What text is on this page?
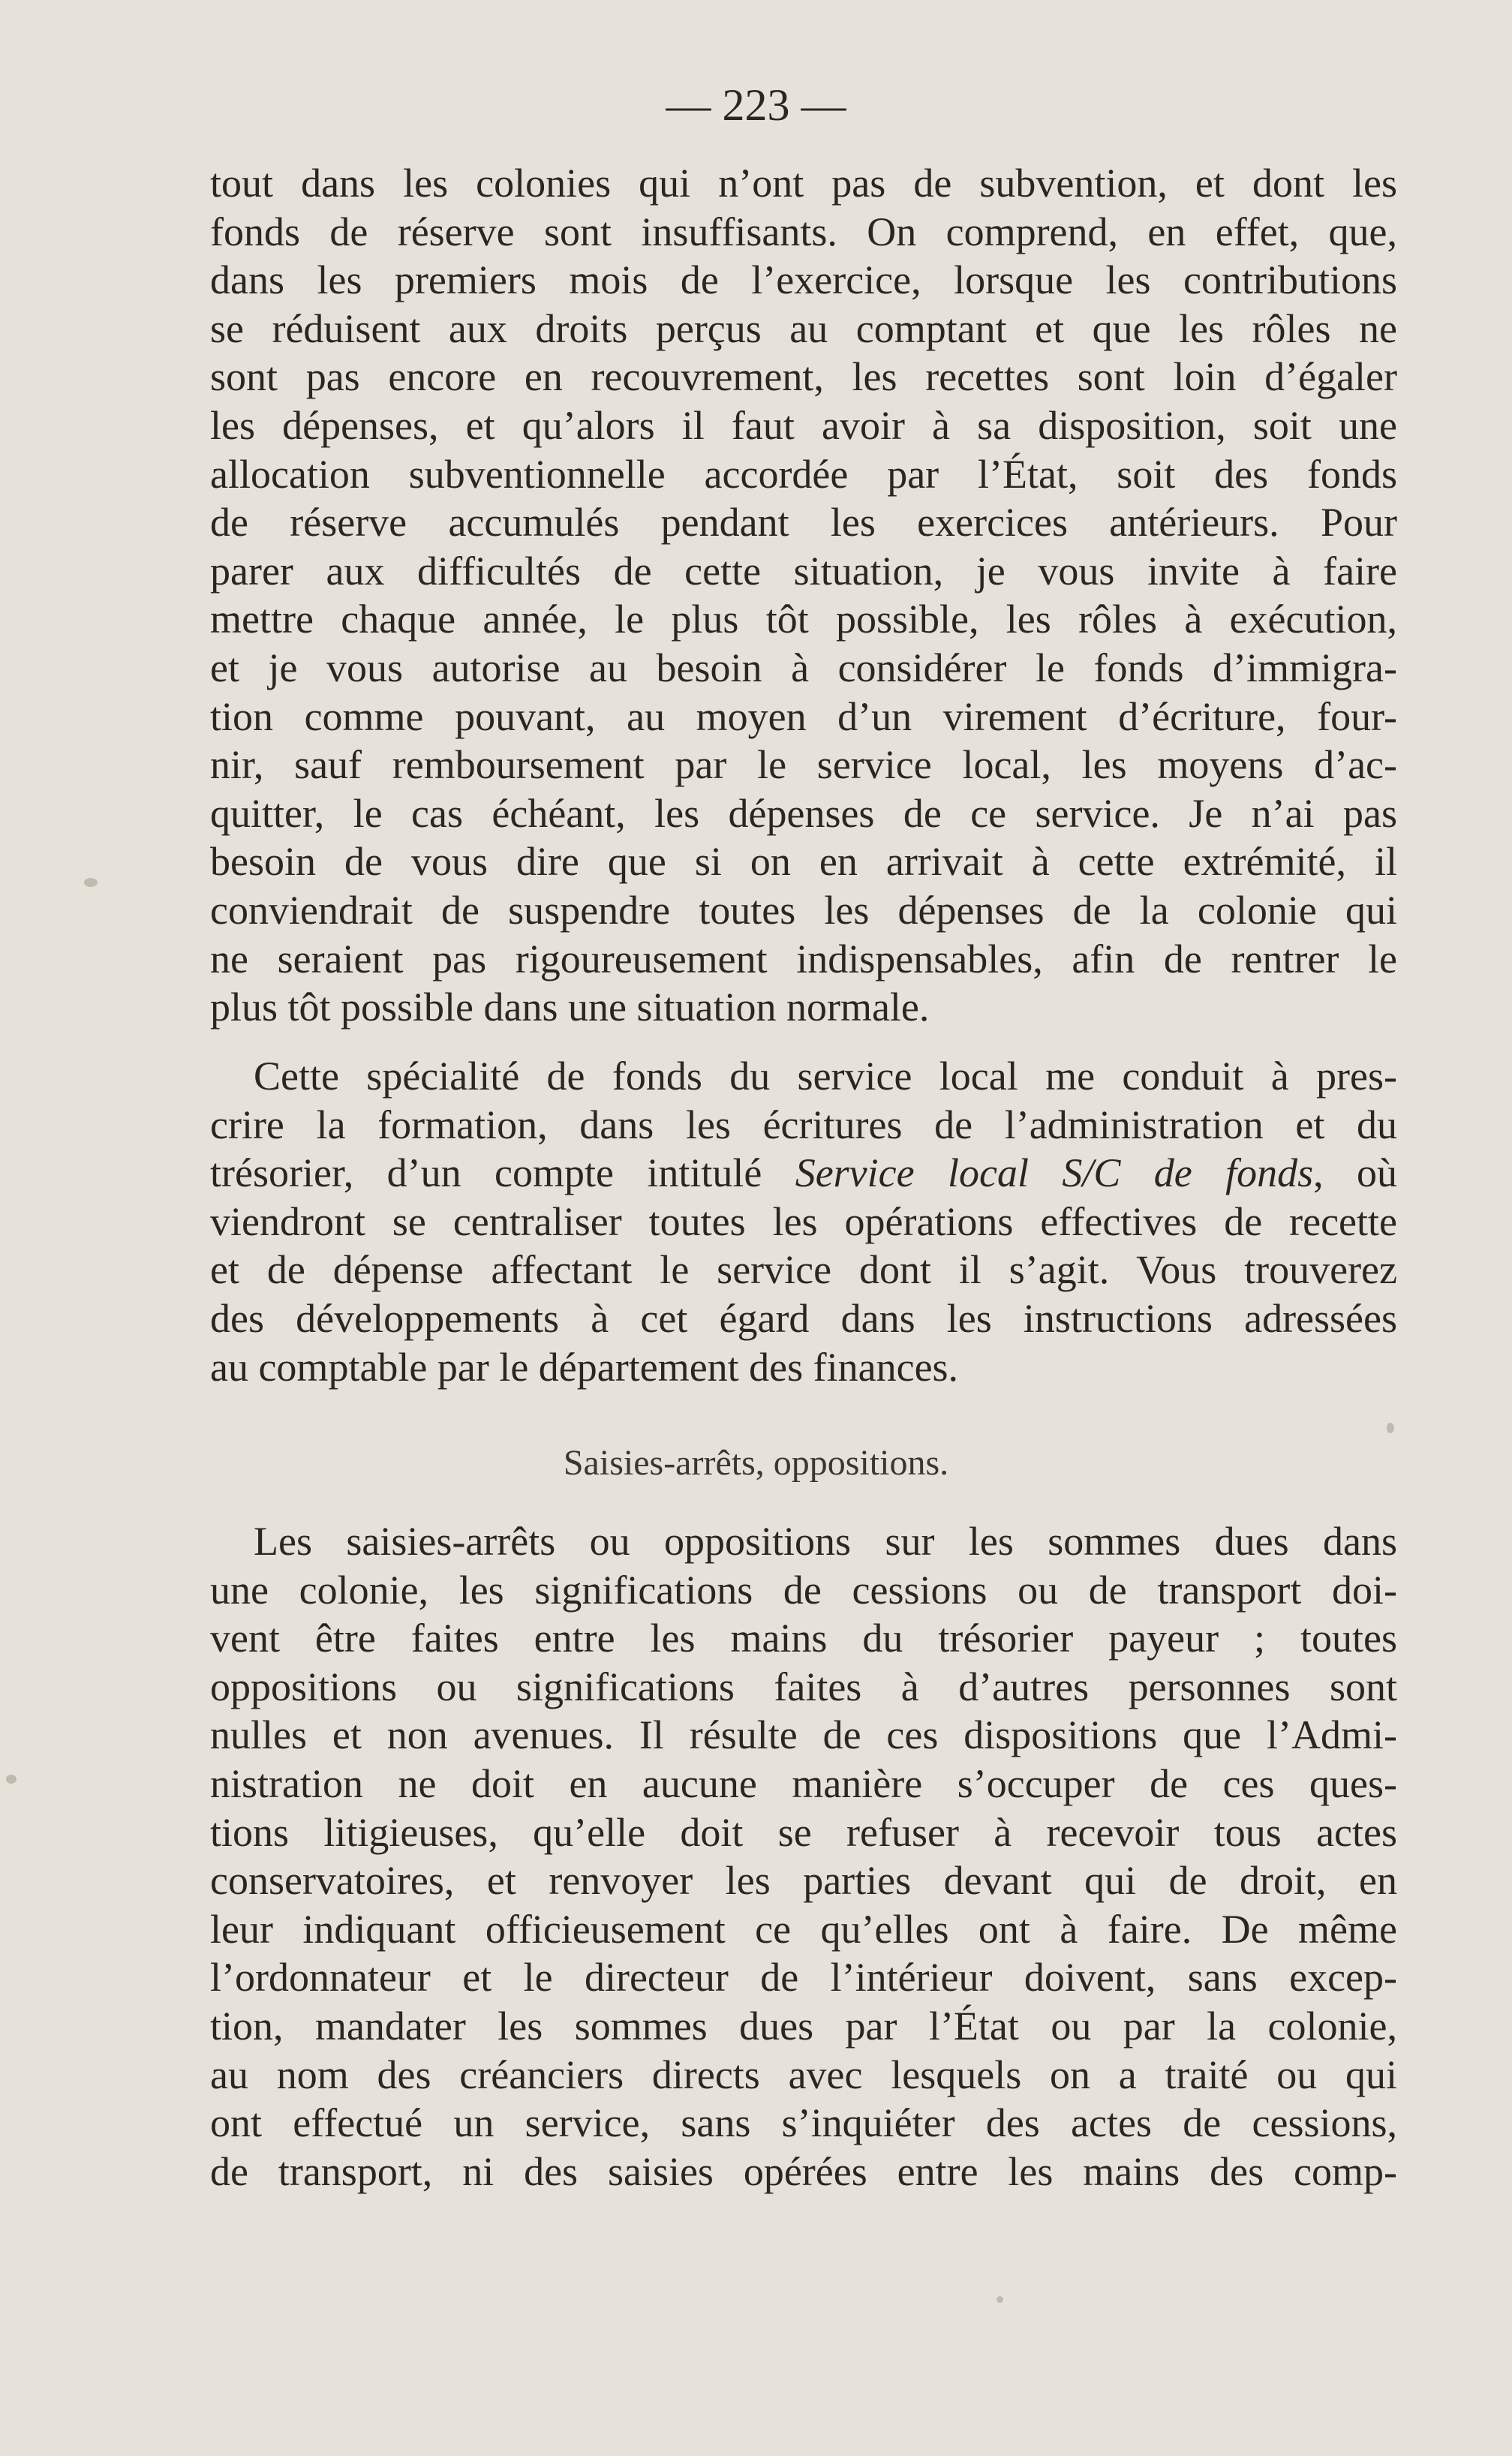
— 223 —
tout dans les colonies qui n’ont pas de subvention, et dont les
fonds de réserve sont insuffisants. On comprend, en effet, que,
dans les premiers mois de l’exercice, lorsque les contributions
se réduisent aux droits perçus au comptant et que les rôles ne
sont pas encore en recouvrement, les recettes sont loin d’égaler
les dépenses, et qu’alors il faut avoir à sa disposition, soit une
allocation subventionnelle accordée par l’État, soit des fonds
de réserve accumulés pendant les exercices antérieurs. Pour
parer aux difficultés de cette situation, je vous invite à faire
mettre chaque année, le plus tôt possible, les rôles à exécution,
et je vous autorise au besoin à considérer le fonds d’immigra-
tion comme pouvant, au moyen d’un virement d’écriture, four-
nir, sauf remboursement par le service local, les moyens d’ac-
quitter, le cas échéant, les dépenses de ce service. Je n’ai pas
besoin de vous dire que si on en arrivait à cette extrémité, il
conviendrait de suspendre toutes les dépenses de la colonie qui
ne seraient pas rigoureusement indispensables, afin de rentrer le
plus tôt possible dans une situation normale.
Cette spécialité de fonds du service local me conduit à pres-
crire la formation, dans les écritures de l’administration et du
trésorier, d’un compte intitulé Service local S/C de fonds, où
viendront se centraliser toutes les opérations effectives de recette
et de dépense affectant le service dont il s’agit. Vous trouverez
des développements à cet égard dans les instructions adressées
au comptable par le département des finances.
Saisies-arrêts, oppositions.
Les saisies-arrêts ou oppositions sur les sommes dues dans
une colonie, les significations de cessions ou de transport doi-
vent être faites entre les mains du trésorier payeur ; toutes
oppositions ou significations faites à d’autres personnes sont
nulles et non avenues. Il résulte de ces dispositions que l’Admi-
nistration ne doit en aucune manière s’occuper de ces ques-
tions litigieuses, qu’elle doit se refuser à recevoir tous actes
conservatoires, et renvoyer les parties devant qui de droit, en
leur indiquant officieusement ce qu’elles ont à faire. De même
l’ordonnateur et le directeur de l’intérieur doivent, sans excep-
tion, mandater les sommes dues par l’État ou par la colonie,
au nom des créanciers directs avec lesquels on a traité ou qui
ont effectué un service, sans s’inquiéter des actes de cessions,
de transport, ni des saisies opérées entre les mains des comp-
